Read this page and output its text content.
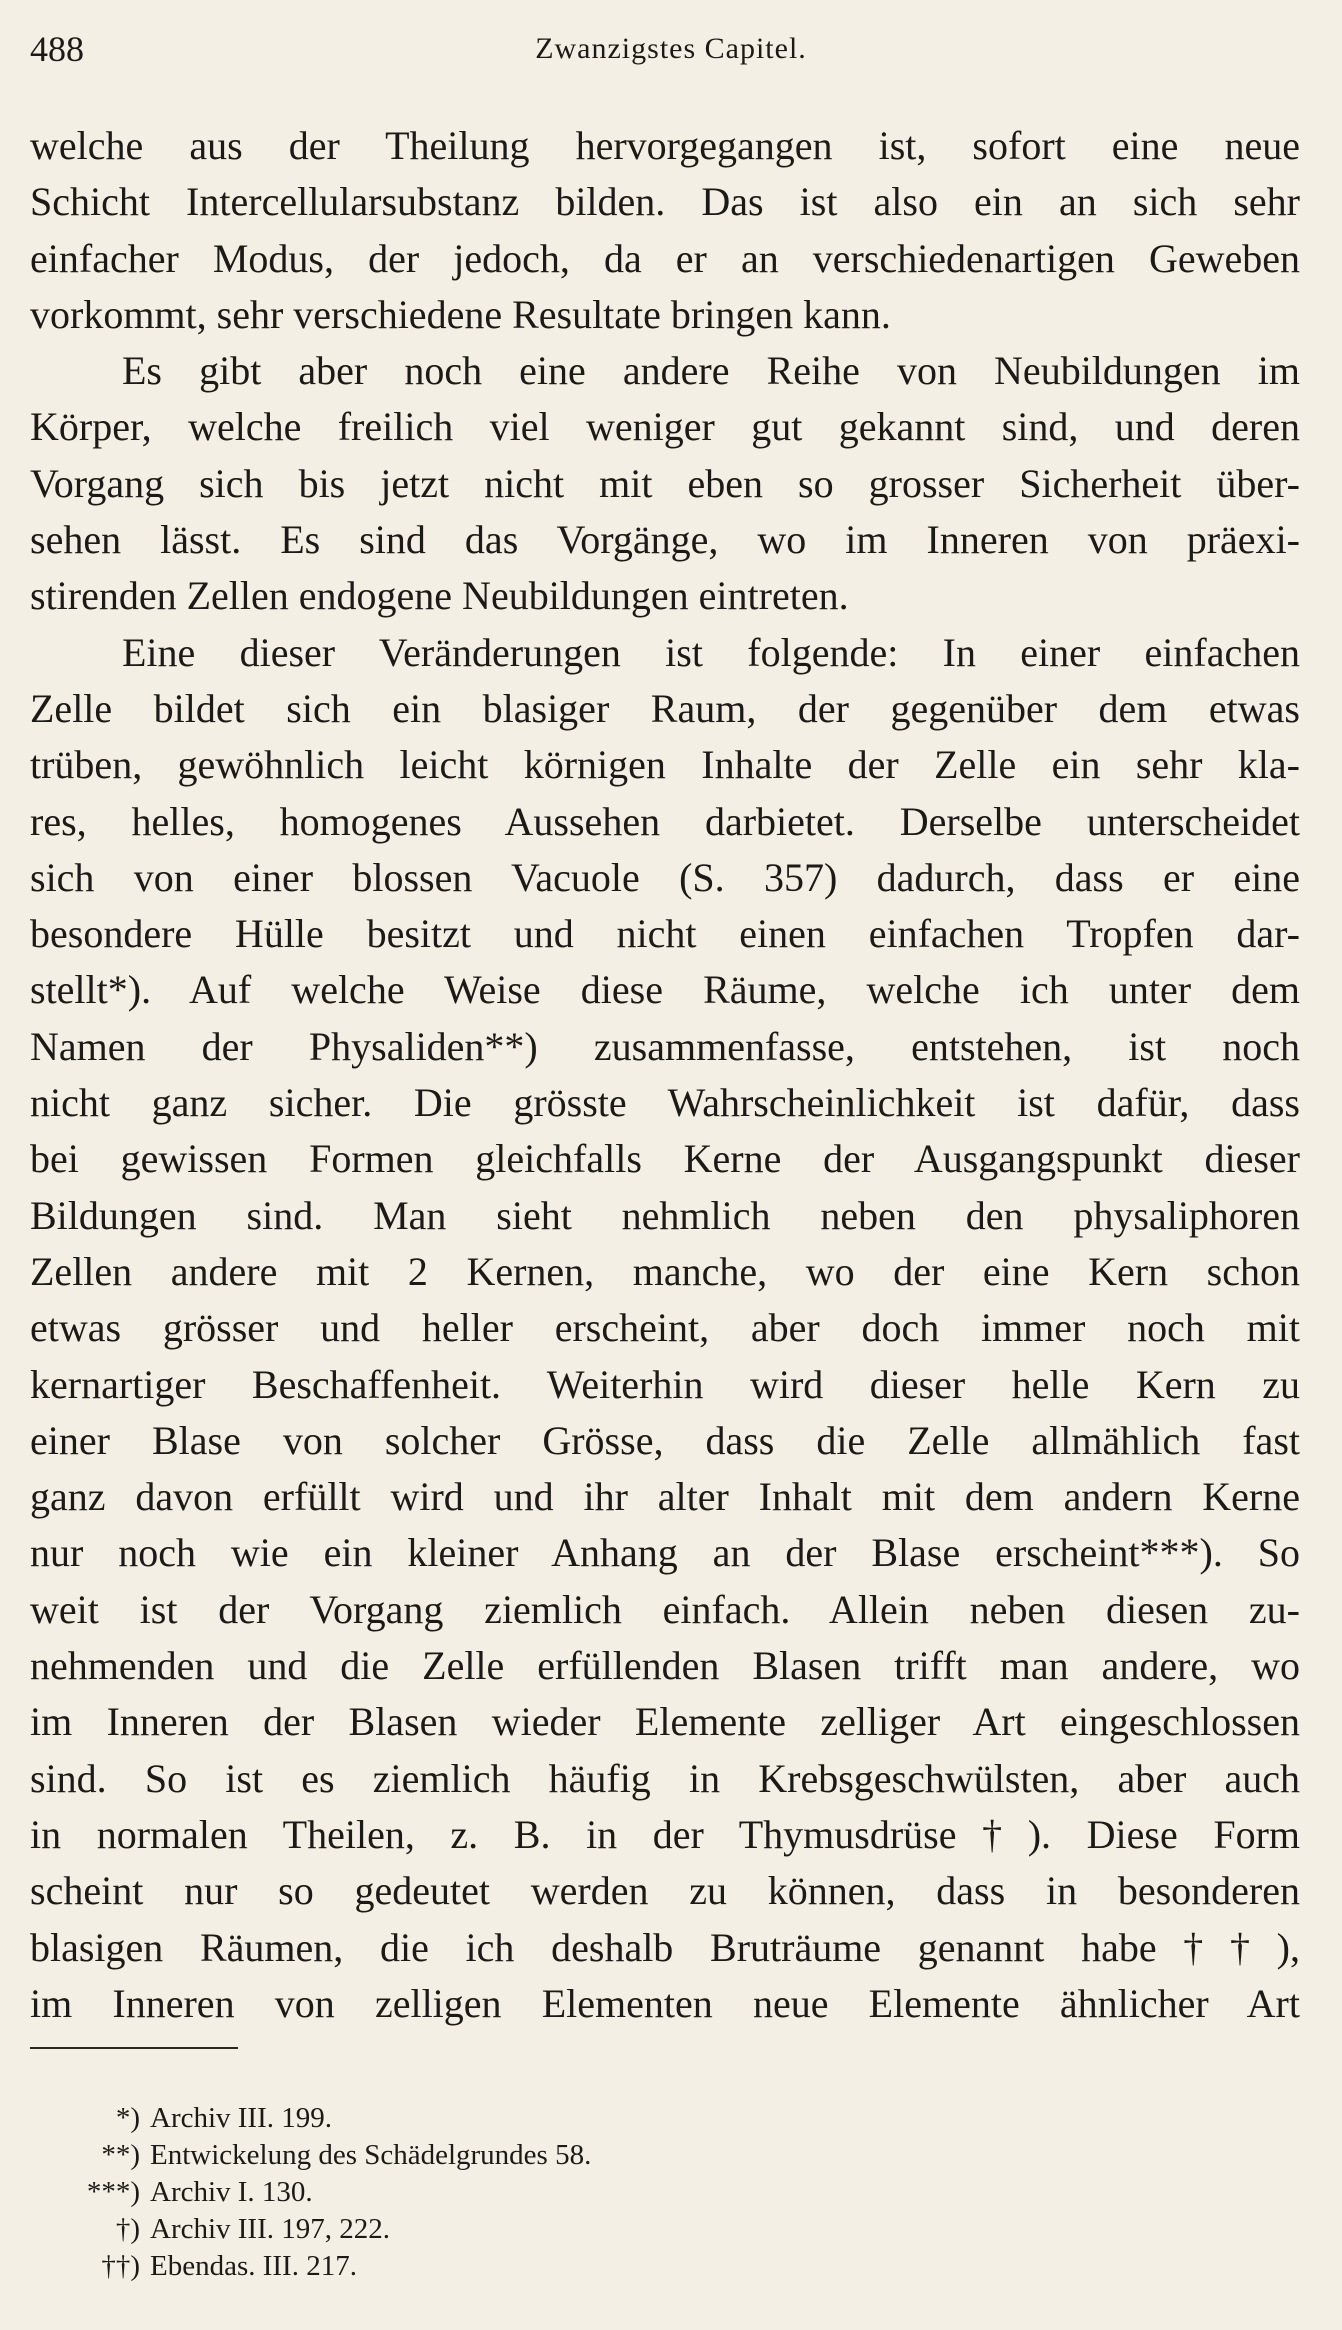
488	Zwanzigstes Capitel.
welche aus der Theilung hervorgegangen ist, sofort eine neue
Schicht Intercellularsubstanz bilden. Das ist also ein an sich sehr
einfacher Modus, der jedoch, da er an verschiedenartigen Geweben
vorkommt, sehr verschiedene Resultate bringen kann.
Es gibt aber noch eine andere Reihe von Neubildungen im
Körper, welche freilich viel weniger gut gekannt sind, und deren
Vorgang sich bis jetzt nicht mit eben so grosser Sicherheit über-
sehen lässt. Es sind das Vorgänge, wo im Inneren von präexi-
stirenden Zellen endogene Neubildungen eintreten.
Eine dieser Veränderungen ist folgende: In einer einfachen
Zelle bildet sich ein blasiger Raum, der gegenüber dem etwas
trüben, gewöhnlich leicht körnigen Inhalte der Zelle ein sehr kla-
res, helles, homogenes Aussehen darbietet. Derselbe unterscheidet
sich von einer blossen Vacuole (S. 357) dadurch, dass er eine
besondere Hülle besitzt und nicht einen einfachen Tropfen dar-
stellt*). Auf welche Weise diese Räume, welche ich unter dem
Namen der Physaliden**) zusammenfasse, entstehen, ist noch
nicht ganz sicher. Die grösste Wahrscheinlichkeit ist dafür, dass
bei gewissen Formen gleichfalls Kerne der Ausgangspunkt dieser
Bildungen sind. Man sieht nehmlich neben den physaliphoren
Zellen andere mit 2 Kernen, manche, wo der eine Kern schon
etwas grösser und heller erscheint, aber doch immer noch mit
kernartiger Beschaffenheit. Weiterhin wird dieser helle Kern zu
einer Blase von solcher Grösse, dass die Zelle allmählich fast
ganz davon erfüllt wird und ihr alter Inhalt mit dem andern Kerne
nur noch wie ein kleiner Anhang an der Blase erscheint***). So
weit ist der Vorgang ziemlich einfach. Allein neben diesen zu-
nehmenden und die Zelle erfüllenden Blasen trifft man andere, wo
im Inneren der Blasen wieder Elemente zelliger Art eingeschlossen
sind. So ist es ziemlich häufig in Krebsgeschwülsten, aber auch
in normalen Theilen, z. B. in der Thymusdrüse†). Diese Form
scheint nur so gedeutet werden zu können, dass in besonderen
blasigen Räumen, die ich deshalb Bruträume genannt habe††),
im Inneren von zelligen Elementen neue Elemente ähnlicher Art
*) Archiv III. 199.
**) Entwickelung des Schädelgrundes 58.
***) Archiv I. 130.
†) Archiv III. 197, 222.
††) Ebendas. III. 217.
